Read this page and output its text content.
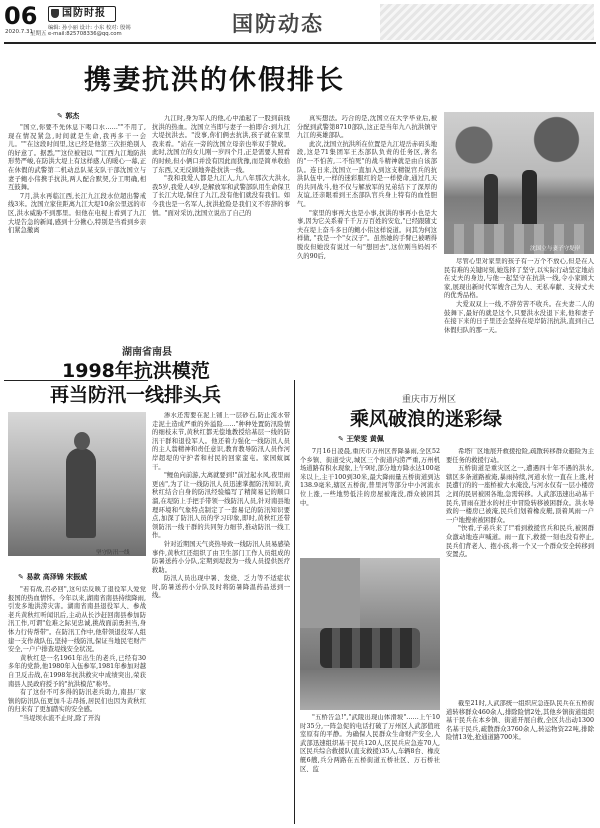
06
2020.7.31
星期五
国防时报
编辑: 孙小丽 设计: 小东 校对: 殷锡
e-mail:825708336@qq.com	国防动态
携妻抗洪的休假排长
✎ 郭杰

"国立,你要不先休息下喝口水……""不用了,现在情况紧急,时间就是生命,我再多干一会儿。""在这段时间里,这已经是他第三次拒绝别人的好意了。据悉,""这位被冠以 ""江西九江地防洪形势严峻,在防洪大堤上有这样感人的暖心一幕,正在休假的武警第二机动总队某支队干部沈国立与妻子鲍小伟携手抗洪,两人配合默契,分工明确,相互鼓舞。

7月,洪水再临江西,长江九江段水位超出警戒线3米。沈国立家住距离九江大堤10余公里远的市区,洪水威胁不到那里。但他在电视上看到了九江大堤告急的新闻,感到十分揪心,特别是当看到乡亲们紧急撤离

九江时,身为军人的他,心中涌起了一股到前线抗洪的热血。沈国立当即与妻子一拍即合:到九江大堤抗洪去。"没事,你们俩去抗洪,孩子就在家里我来看。"站在一旁的沈国立母亲也举双手赞成。此时,沈国立的女儿刚一岁四个月,正是需要人照看的时候,但小俩口并没有因此而犹豫,而是简单收拾了东西,又无反顾地奔赴抗洪一线。

"我和我爱人都是九江人,九八年那次大洪水,我5岁,我爱人4岁,是解放军和武警部队用生命保卫了长江大堤,保住了九江,没有他们就没有我们。如今我也是一名军人,抗洪抢险是我们义不容辞的事情。"面对采访,沈国立说出了自己的

真实想法。巧合的是,沈国立在大学毕业后,被分配到武警第8710部队,这正是当年九八抗洪镇守九江的英雄部队。

此次,沈国立抗洪所在位置是九江堤岳赤码头地段,这是71集团军王杰部队负责的任务区,著名的"一不怕苦,二不怕死"的战斗精神就是由自该部队。连日来,沈国立一直加入到这支精锐官兵的抗洪队伍中,一样的迷彩服红的是一样使命,通过几天的共同战斗,他不仅与解放军的兄弟结下了深厚的友谊,还亲眼看到王杰部队官兵身上特有的血性胆气。

"家里的事再大也是小事,抗洪的事再小也是大事,因为它关系着千千万万百姓的安危,"已经跟随丈夫在堤上奋斗多日的鲍小伟这样说道。问其为何这样做, "我是一个"女汉子"。虽然她的手臂已被晒得脱皮但她没有说过一句"想回去",这位刚当妈妈不久的90后,

沈国立与妻子守堤岸

尽管心里对家里的孩子有一万个不放心,但是在人民有难的关键时刻,她选择了坚守,以实际行动坚定地站在丈夫的身边,与他一起坚守在抗洪一线,令小家顾大家,展现出新时代军嫂含己为人、无私奉献、支持丈夫的优秀品格。

大爱双双上一线,不辞劳苦不收兵。在夫妻二人的鼓舞下,最好的就是这个,只要洪水没退下来,他和妻子在接下来的日子里还会坚持在堤岸防汛抗洪,直到自己休假归队的那一天。

湖南省南县
1998年抗洪模范
再当防汛一线排头兵
坚守防汛一线
✎ 易款 高泽锦 宋振威

"若有战,召必回",这句话反映了退役军人爱党报国的热血情怀。今年以来,湖南省南县持续降雨,引发多地洪涝灾害。湖南省南县退役军人、参战老兵黄秋红听闻讯后,主动从长沙赶回南县参加防汛工作,可谓"危难之际见忠诚,挑战面前勇担当,身体力行传帮带"。在防汛工作中,他带领退役军人组建一支作战队伍,坚持一线防汛,保证当地民宅财产安全,一户户排查堤线安全状况。

黄秋红是一名1961年出生的老兵,已经有30多年的党龄,他1980年入伍参军,1981年参加对越自卫反击战,在1998年抗洪救灾中成绩突出,荣获南县人民政府授予的"抗洪模范"称号。

有了这份不可多得的防汛老兵助力,南县厂家镇的防汛队伍更加斗志昂扬,居民们也因为黄秋红的归来有了更加踏实的安全感。

"当堤坝水流不止时,除了开沟

渗水还需要在泥上铺上一层砂石,防止流水带走泥土造成严重的外溢险……"种种处置防汛险情的细枝末节,黄秋红都无偿地教授给基层一线的防汛干群和退役军人。他还着力强化一线防汛人员的主人翁精神和责任意识,教育教导防汛人员作河岸超堤的守护者和村民的回家蛮屯。家园蚁属干。

"鲤鱼向前游,大离就要到!"前过起水风,夜里雨更凶",为了让一线防汛人员迅速掌握防汛知识,黄秋红结合自身的防汛经验编写了精简易记的顺口溜,在堤防上手把手带领一线防汛人员,针对南县地理环境和气象特点制定了一套易记的防汛知识要点,加深了防汛人员的学习印象,即时,黄秋红还带领防汛一线干群的共同努力细节,推动防汛一线工作。

针对近期国天气炎热导致一线防汛人员易感染事件,黄秋红还组织了由卫生部门工作人员组成的防暑送药小分队,定期到堤段为一线人员提供医疗救助。

防汛人员出现中暑、发烧、乏力等不适症状时,防暑送药小分队及时将防暑降温药品送到一线。

重庆市万州区
乘风破浪的迷彩绿
✎ 王荣雯 黄佩

7月16日凌晨,重庆市万州区普降暴雨,全区52个乡镇、街道受灾,城区三个街道内涝严重,万州机场道路有积水现象,上午9时,部分地方降水达100毫米以上,主干100到30米,最大降雨量五桥街道到达138.9毫米,辖区五桥街,普里河等部分中小河流水位上涨,一些地势低洼的房屋被淹没,群众被困其中。

"五桥告急!","武陵出现山体滑坡"……上午10时35分,一阵急促的电话打破了万州区人武部值班室原有的平静。为确保人民群众生命财产安全,人武部迅速组织基干民兵120人,区民兵应急连70人,区民兵综合救援队(直支救援)35人,车辆8台、橡皮艇6艘,兵分两路在五桥街道五桥社区、万石桥社区、监

希塔厂区地展开救援抢险,疏散转移群众避险为主要任务的救援行动。

五桥街道是重灾区之一,遭遇四十年不遇的洪水,辖区多条道路被淹,暴雨持续,河道水位一直在上涨,村民遭行的的一座桥被大水淹没,与河水仅有一层小楼房之间的民居被困各地,急需转移。人武部迅速出动基干民兵,冒雨在进水的村庄中冒险转移被困群众。洪水导致的一楼房已被淹,民兵们划着橡皮艇,顶着风雨一户一户地搜索被困群众。

"快看,子弟兵来了!"看到救援官兵和民兵,被困群众激动地连声喊道。雨一直下,救援一刻也没有停止,民兵们背老人、抱小孩,将一个又一个群众安全转移到安置点。

截至21时,人武部统一组织应急连队民兵在五桥街道转移群众460余人,排除险情2处,其他乡镇街道组织基干民兵在本乡镇、街道开展自救,全区共出动1300名基干民兵,疏散群众3760余人,转运物资22吨,排除险情13处,抢通道路700米。
